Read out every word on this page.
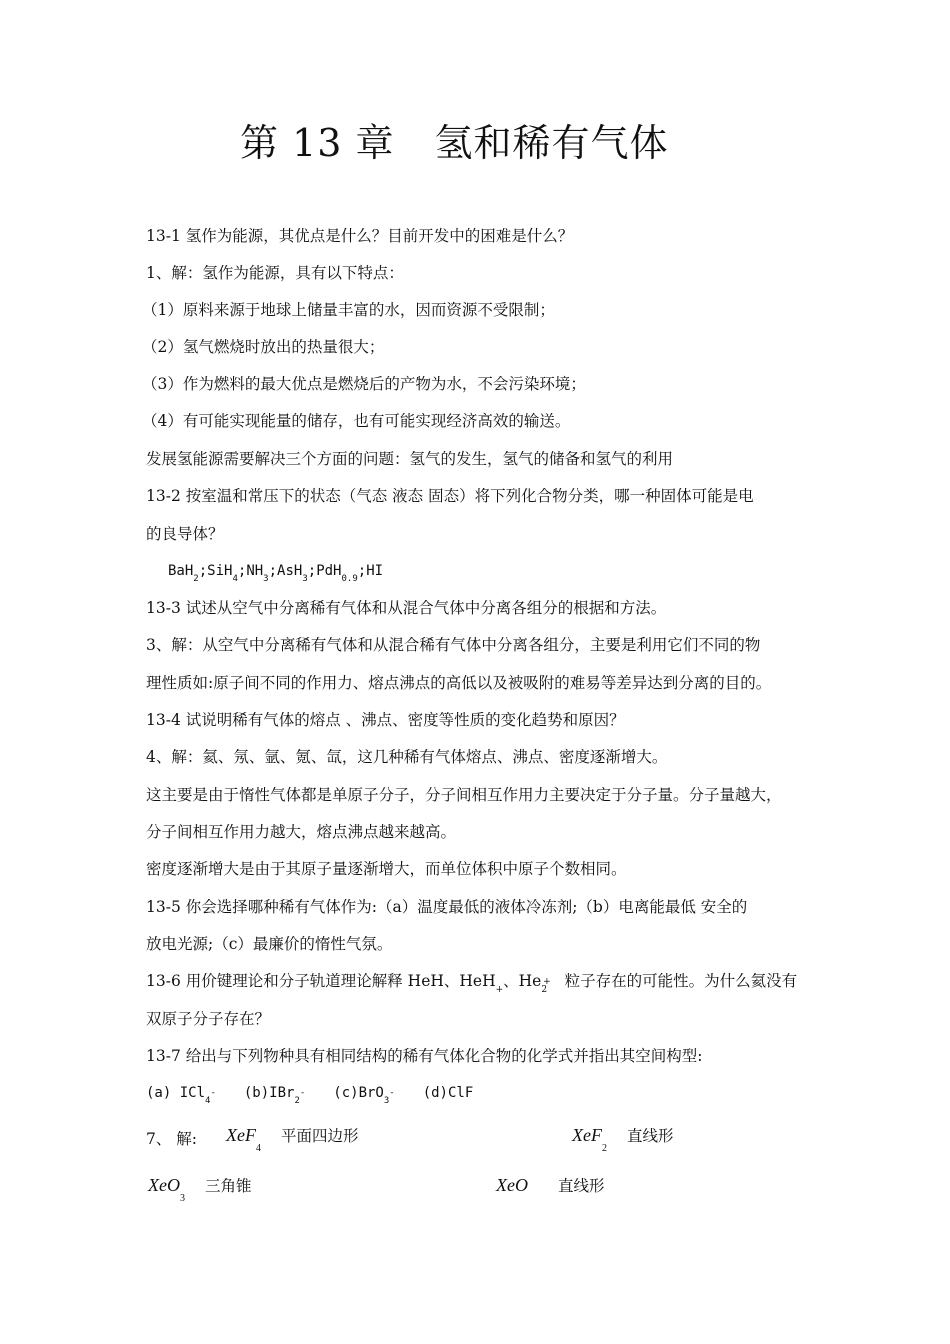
第 13 章 氢和稀有气体
13-1 氢作为能源，其优点是什么？目前开发中的困难是什么？
1、解：氢作为能源，具有以下特点：
（1）原料来源于地球上储量丰富的水，因而资源不受限制；
（2）氢气燃烧时放出的热量很大；
（3）作为燃料的最大优点是燃烧后的产物为水，不会污染环境；
（4）有可能实现能量的储存，也有可能实现经济高效的输送。
发展氢能源需要解决三个方面的问题：氢气的发生，氢气的储备和氢气的利用
13-2 按室温和常压下的状态（气态 液态 固态）将下列化合物分类，哪一种固体可能是电
的良导体？
$BaH_2;SiH_4;NH_3;AsH_3;PdH_{0.9};HI$
13-3 试述从空气中分离稀有气体和从混合气体中分离各组分的根据和方法。
3、解：从空气中分离稀有气体和从混合稀有气体中分离各组分，主要是利用它们不同的物
理性质如:原子间不同的作用力、熔点沸点的高低以及被吸附的难易等差异达到分离的目的。
13-4 试说明稀有气体的熔点 、沸点、密度等性质的变化趋势和原因？
4、解：氦、氖、氩、氪、氙，这几种稀有气体熔点、沸点、密度逐渐增大。
这主要是由于惰性气体都是单原子分子，分子间相互作用力主要决定于分子量。分子量越大，
分子间相互作用力越大，熔点沸点越来越高。
密度逐渐增大是由于其原子量逐渐增大，而单位体积中原子个数相同。
13-5 你会选择哪种稀有气体作为:（a）温度最低的液体冷冻剂;（b）电离能最低 安全的
放电光源;（c）最廉价的惰性气氛。
13-6 用价键理论和分子轨道理论解释 HeH、HeH$_+$、$He_2^+$ 粒子存在的可能性。为什么氦没有
双原子分子存在？
13-7 给出与下列物种具有相同结构的稀有气体化合物的化学式并指出其空间构型:
(a) ICl$_4$- (b)IBr$_2$- (c)BrO$_3$- (d)ClF
7、 解: XeF$_4$平面四边形	XeF$_2$直线形
XeO$_3$三角锥	XeO 直线形
